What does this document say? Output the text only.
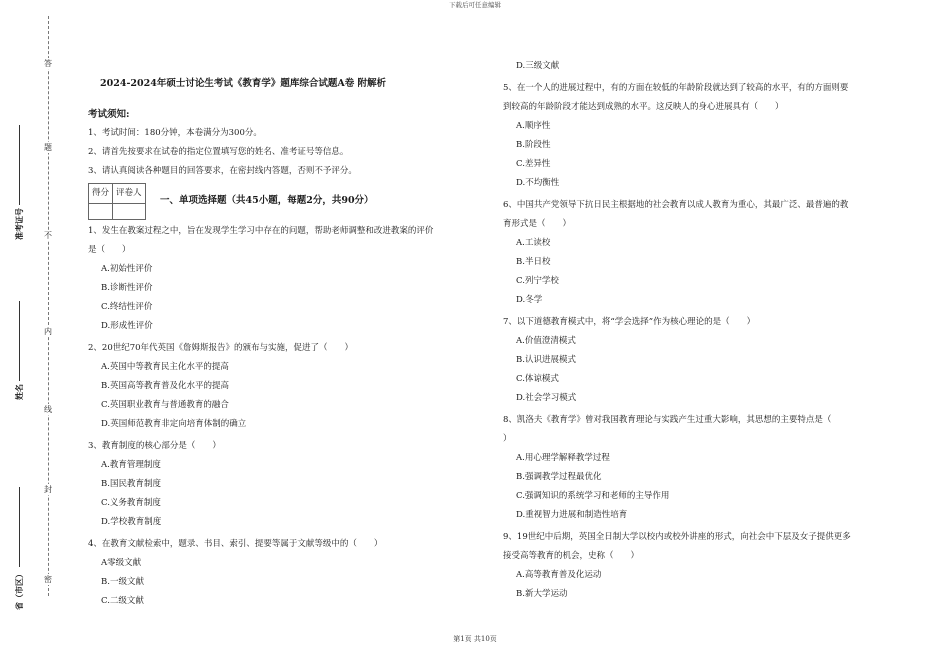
下载后可任意编辑
答
题
不
内
线
封
密
准考证号
姓名
省（市区）
2024-2024年硕士讨论生考试《教育学》题库综合试题A卷 附解析
考试须知:
1、考试时间：180分钟，本卷满分为300分。
2、请首先按要求在试卷的指定位置填写您的姓名、准考证号等信息。
3、请认真阅读各种题目的回答要求，在密封线内答题，否则不予评分。
得分	评卷人

一、单项选择题（共45小题，每题2分，共90分）
1、发生在教案过程之中，旨在发现学生学习中存在的问题，帮助老师调整和改进教案的评价
是（　　）
A.初始性评价
B.诊断性评价
C.终结性评价
D.形成性评价
2、20世纪70年代英国《詹姆斯报告》的颁布与实施，促进了（　　）
A.英国中等教育民主化水平的提高
B.英国高等教育普及化水平的提高
C.英国职业教育与普通教育的融合
D.英国师范教育非定向培育体制的确立
3、教育制度的核心部分是（　　）
A.教育管理制度
B.国民教育制度
C.义务教育制度
D.学校教育制度
4、在教育文献检索中，题录、书目、索引、提要等属于文献等级中的（　　）
A零级文献
B.一级文献
C.二级文献
D.三级文献
5、在一个人的进展过程中，有的方面在较低的年龄阶段就达到了较高的水平，有的方面则要
到较高的年龄阶段才能达到成熟的水平。这反映人的身心进展具有（　　）
A.顺序性
B.阶段性
C.差异性
D.不均衡性
6、中国共产党领导下抗日民主根据地的社会教育以成人教育为重心，其最广泛、最普遍的教
育形式是（　　）
A.工读校
B.半日校
C.列宁学校
D.冬学
7、以下道德教育模式中，将“学会选择”作为核心理论的是（　　）
A.价值澄清模式
B.认识进展模式
C.体谅模式
D.社会学习模式
8、凯洛夫《教育学》曾对我国教育理论与实践产生过重大影响，其思想的主要特点是（
）
A.用心理学解释教学过程
B.强调教学过程最优化
C.强调知识的系统学习和老师的主导作用
D.重视智力进展和制造性培育
9、19世纪中后期，英国全日制大学以校内或校外讲座的形式，向社会中下层及女子提供更多
接受高等教育的机会，史称（　　）
A.高等教育普及化运动
B.新大学运动
第1页 共10页
